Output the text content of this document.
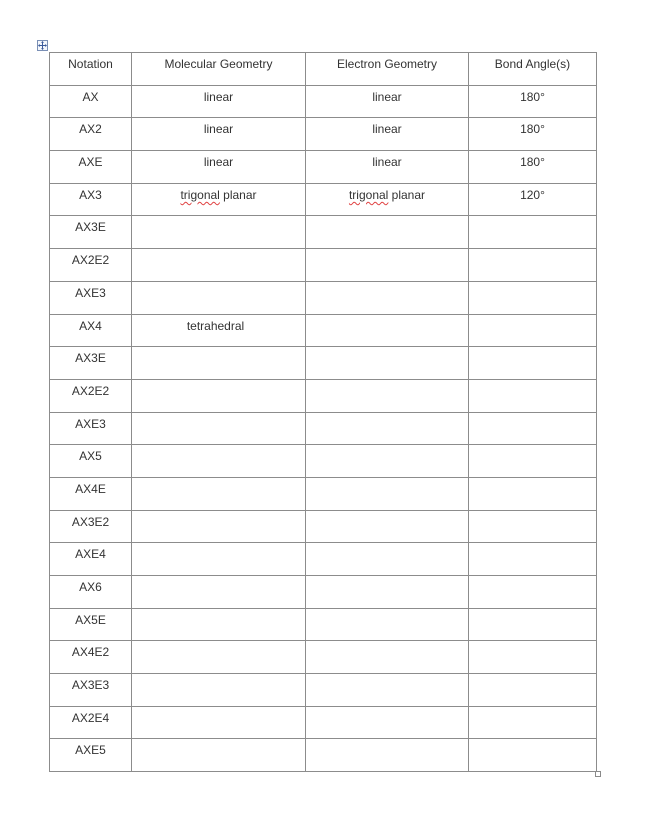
Notation	Molecular Geometry	Electron Geometry	Bond Angle(s)

AX	linear	linear	180°

AX2	linear	linear	180°

AXE	linear	linear	180°

AX3	trigonal planar	trigonal planar	120°

AX3E			

AX2E2			

AXE3			

AX4	tetrahedral		

AX3E			

AX2E2			

AXE3			

AX5			

AX4E			

AX3E2			

AXE4			

AX6			

AX5E			

AX4E2			

AX3E3			

AX2E4			

AXE5			
